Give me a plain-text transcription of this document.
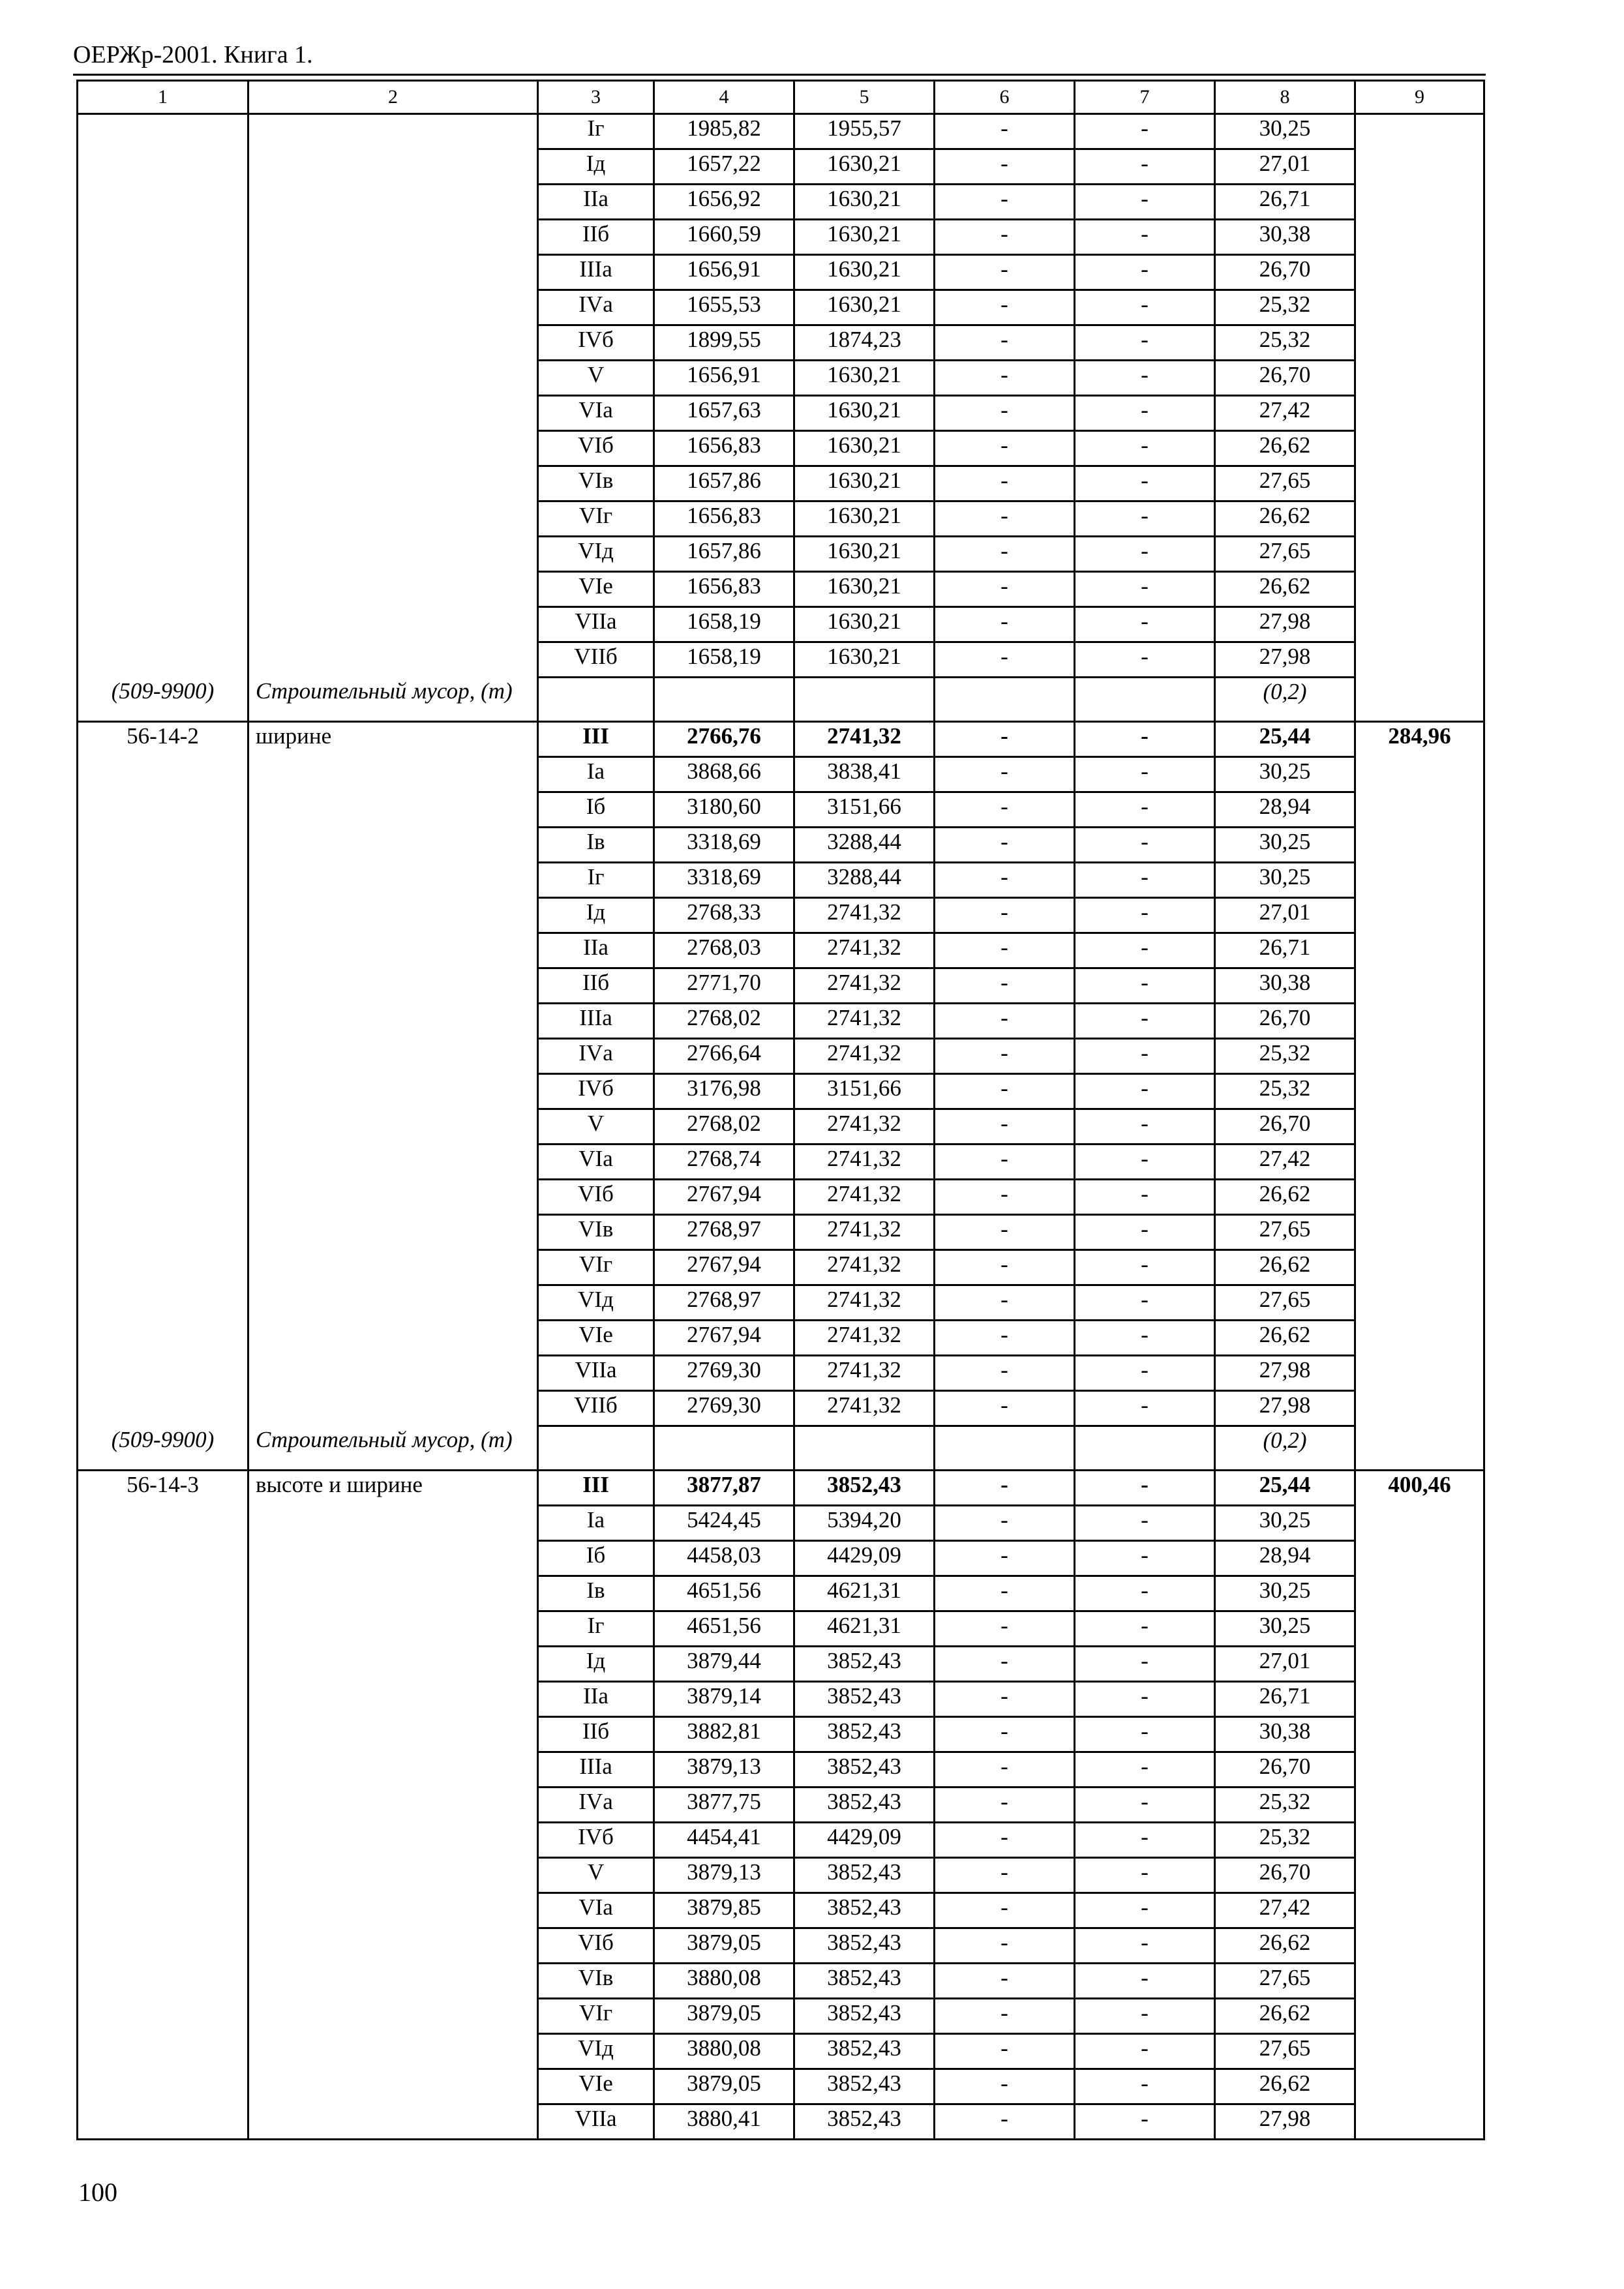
ОЕРЖр-2001. Книга 1.
1	2	3	4	5	6	7	8	9
		Iг	1985,82	1955,57	-	-	30,25	
		Iд	1657,22	1630,21	-	-	27,01	
		IIа	1656,92	1630,21	-	-	26,71	
		IIб	1660,59	1630,21	-	-	30,38	
		IIIа	1656,91	1630,21	-	-	26,70	
		IVа	1655,53	1630,21	-	-	25,32	
		IVб	1899,55	1874,23	-	-	25,32	
		V	1656,91	1630,21	-	-	26,70	
		VIа	1657,63	1630,21	-	-	27,42	
		VIб	1656,83	1630,21	-	-	26,62	
		VIв	1657,86	1630,21	-	-	27,65	
		VIг	1656,83	1630,21	-	-	26,62	
		VIд	1657,86	1630,21	-	-	27,65	
		VIе	1656,83	1630,21	-	-	26,62	
		VIIа	1658,19	1630,21	-	-	27,98	
		VIIб	1658,19	1630,21	-	-	27,98	

(509-9900)	Строительный мусор, (т)						(0,2)	
56-14-2	ширине	III	2766,76	2741,32	-	-	25,44	284,96
		Iа	3868,66	3838,41	-	-	30,25	
		Iб	3180,60	3151,66	-	-	28,94	
		Iв	3318,69	3288,44	-	-	30,25	
		Iг	3318,69	3288,44	-	-	30,25	
		Iд	2768,33	2741,32	-	-	27,01	
		IIа	2768,03	2741,32	-	-	26,71	
		IIб	2771,70	2741,32	-	-	30,38	
		IIIа	2768,02	2741,32	-	-	26,70	
		IVа	2766,64	2741,32	-	-	25,32	
		IVб	3176,98	3151,66	-	-	25,32	
		V	2768,02	2741,32	-	-	26,70	
		VIа	2768,74	2741,32	-	-	27,42	
		VIб	2767,94	2741,32	-	-	26,62	
		VIв	2768,97	2741,32	-	-	27,65	
		VIг	2767,94	2741,32	-	-	26,62	
		VIд	2768,97	2741,32	-	-	27,65	
		VIе	2767,94	2741,32	-	-	26,62	
		VIIа	2769,30	2741,32	-	-	27,98	
		VIIб	2769,30	2741,32	-	-	27,98	

(509-9900)	Строительный мусор, (т)						(0,2)	
56-14-3	высоте и ширине	III	3877,87	3852,43	-	-	25,44	400,46
		Iа	5424,45	5394,20	-	-	30,25	
		Iб	4458,03	4429,09	-	-	28,94	
		Iв	4651,56	4621,31	-	-	30,25	
		Iг	4651,56	4621,31	-	-	30,25	
		Iд	3879,44	3852,43	-	-	27,01	
		IIа	3879,14	3852,43	-	-	26,71	
		IIб	3882,81	3852,43	-	-	30,38	
		IIIа	3879,13	3852,43	-	-	26,70	
		IVа	3877,75	3852,43	-	-	25,32	
		IVб	4454,41	4429,09	-	-	25,32	
		V	3879,13	3852,43	-	-	26,70	
		VIа	3879,85	3852,43	-	-	27,42	
		VIб	3879,05	3852,43	-	-	26,62	
		VIв	3880,08	3852,43	-	-	27,65	
		VIг	3879,05	3852,43	-	-	26,62	
		VIд	3880,08	3852,43	-	-	27,65	
		VIе	3879,05	3852,43	-	-	26,62	
		VIIа	3880,41	3852,43	-	-	27,98	
100
